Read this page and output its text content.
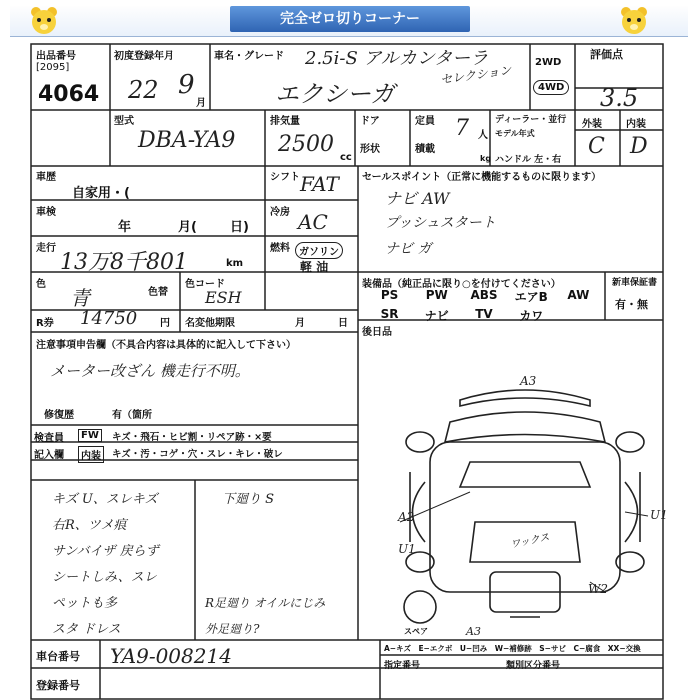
完全ゼロ切りコーナー
出品番号
[2095]
4064
初度登録年月
22 9
月
車名・グレード 2.5i-S アルカンターラ
エクシーガ
セレクション
2WD
4WD
評価点
3.5
外装 内装
C D
型式
DBA-YA9
排気量
2500
cc
ドア
形状
定員 7 人
積載
kg
ディーラー・並行
モデル年式
ハンドル 左・右
車歴
自家用・(
車検
年	月(	日)
走行
13万8千801	km
シフト FAT
冷房 AC
燃料 ガソリン
軽 油
色
青	色替
色コード
ESH
R券 14750 円 名変他期限	月	日
セールスポイント（正常に機能するものに限ります）
ナビ AW
プッシュスタート
ナビ ガ
装備品（純正品に限り○を付けてください）	新車保証書
有・無
PS	PW	ABS	エアB	AW
SR	ナビ	TV	カワ
後日品
注意事項申告欄（不具合内容は具体的に記入して下さい）
メーター改ざん 機走行不明。
修復歴	有（箇所
検査員	FW	キズ・飛石・ヒビ割・リペア跡・×要
記入欄	内装	キズ・汚・コゲ・穴・スレ・キレ・破レ
キズ U、スレキズ
右R、ツメ痕
サンバイザ 戻らず
シートしみ、スレ
ペットも多
スタ ドレス
下廻り S
R足廻り オイルにじみ
外足廻り?
A3
A2
U1
U1
W2
A3
ワックス
スペア
A−キズ　E−エクボ　U−凹み　W−補修跡　S−サビ　C−腐食　XX−交換
車台番号 YA9-008214	指定番号	類別区分番号
登録番号
